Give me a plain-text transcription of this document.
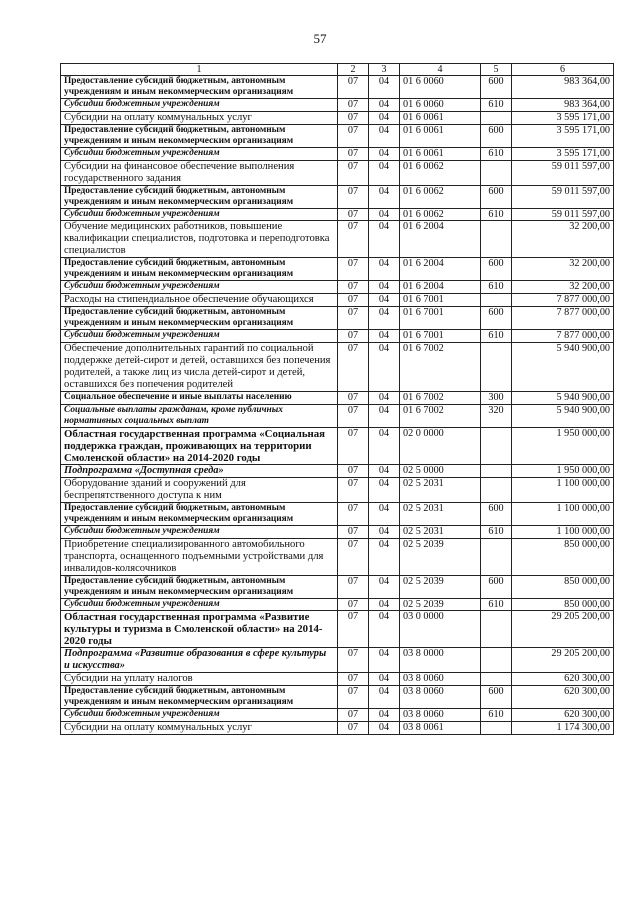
57
1	2	3	4	5	6
Предоставление субсидий бюджетным, автономным учреждениям и иным некоммерческим организациям	07	04	01 6 0060	600	983 364,00
Субсидии бюджетным учреждениям	07	04	01 6 0060	610	983 364,00
Субсидии на оплату коммунальных услуг	07	04	01 6 0061		3 595 171,00
Предоставление субсидий бюджетным, автономным учреждениям и иным некоммерческим организациям	07	04	01 6 0061	600	3 595 171,00
Субсидии бюджетным учреждениям	07	04	01 6 0061	610	3 595 171,00
Субсидии на финансовое обеспечение выполнения государственного задания	07	04	01 6 0062		59 011 597,00
Предоставление субсидий бюджетным, автономным учреждениям и иным некоммерческим организациям	07	04	01 6 0062	600	59 011 597,00
Субсидии бюджетным учреждениям	07	04	01 6 0062	610	59 011 597,00
Обучение медицинских работников, повышение квалификации специалистов, подготовка и переподготовка специалистов	07	04	01 6 2004		32 200,00
Предоставление субсидий бюджетным, автономным учреждениям и иным некоммерческим организациям	07	04	01 6 2004	600	32 200,00
Субсидии бюджетным учреждениям	07	04	01 6 2004	610	32 200,00
Расходы на стипендиальное обеспечение обучающихся	07	04	01 6 7001		7 877 000,00
Предоставление субсидий бюджетным, автономным учреждениям и иным некоммерческим организациям	07	04	01 6 7001	600	7 877 000,00
Субсидии бюджетным учреждениям	07	04	01 6 7001	610	7 877 000,00
Обеспечение дополнительных гарантий по социальной поддержке детей-сирот и детей, оставшихся без попечения родителей, а также лиц из числа детей-сирот и детей, оставшихся без попечения родителей	07	04	01 6 7002		5 940 900,00
Социальное обеспечение и иные выплаты населению	07	04	01 6 7002	300	5 940 900,00
Социальные выплаты гражданам, кроме публичных нормативных социальных выплат	07	04	01 6 7002	320	5 940 900,00
Областная государственная программа «Социальная поддержка граждан, проживающих на территории Смоленской области» на 2014-2020 годы	07	04	02 0 0000		1 950 000,00
Подпрограмма «Доступная среда»	07	04	02 5 0000		1 950 000,00
Оборудование зданий и сооружений для беспрепятственного доступа к ним	07	04	02 5 2031		1 100 000,00
Предоставление субсидий бюджетным, автономным учреждениям и иным некоммерческим организациям	07	04	02 5 2031	600	1 100 000,00
Субсидии бюджетным учреждениям	07	04	02 5 2031	610	1 100 000,00
Приобретение специализированного автомобильного транспорта, оснащенного подъемными устройствами для инвалидов-колясочников	07	04	02 5 2039		850 000,00
Предоставление субсидий бюджетным, автономным учреждениям и иным некоммерческим организациям	07	04	02 5 2039	600	850 000,00
Субсидии бюджетным учреждениям	07	04	02 5 2039	610	850 000,00
Областная государственная программа «Развитие культуры и туризма в Смоленской области» на 2014-2020 годы	07	04	03 0 0000		29 205 200,00
Подпрограмма «Развитие образования в сфере культуры и искусства»	07	04	03 8 0000		29 205 200,00
Субсидии на уплату налогов	07	04	03 8 0060		620 300,00
Предоставление субсидий бюджетным, автономным учреждениям и иным некоммерческим организациям	07	04	03 8 0060	600	620 300,00
Субсидии бюджетным учреждениям	07	04	03 8 0060	610	620 300,00
Субсидии на оплату коммунальных услуг	07	04	03 8 0061		1 174 300,00
